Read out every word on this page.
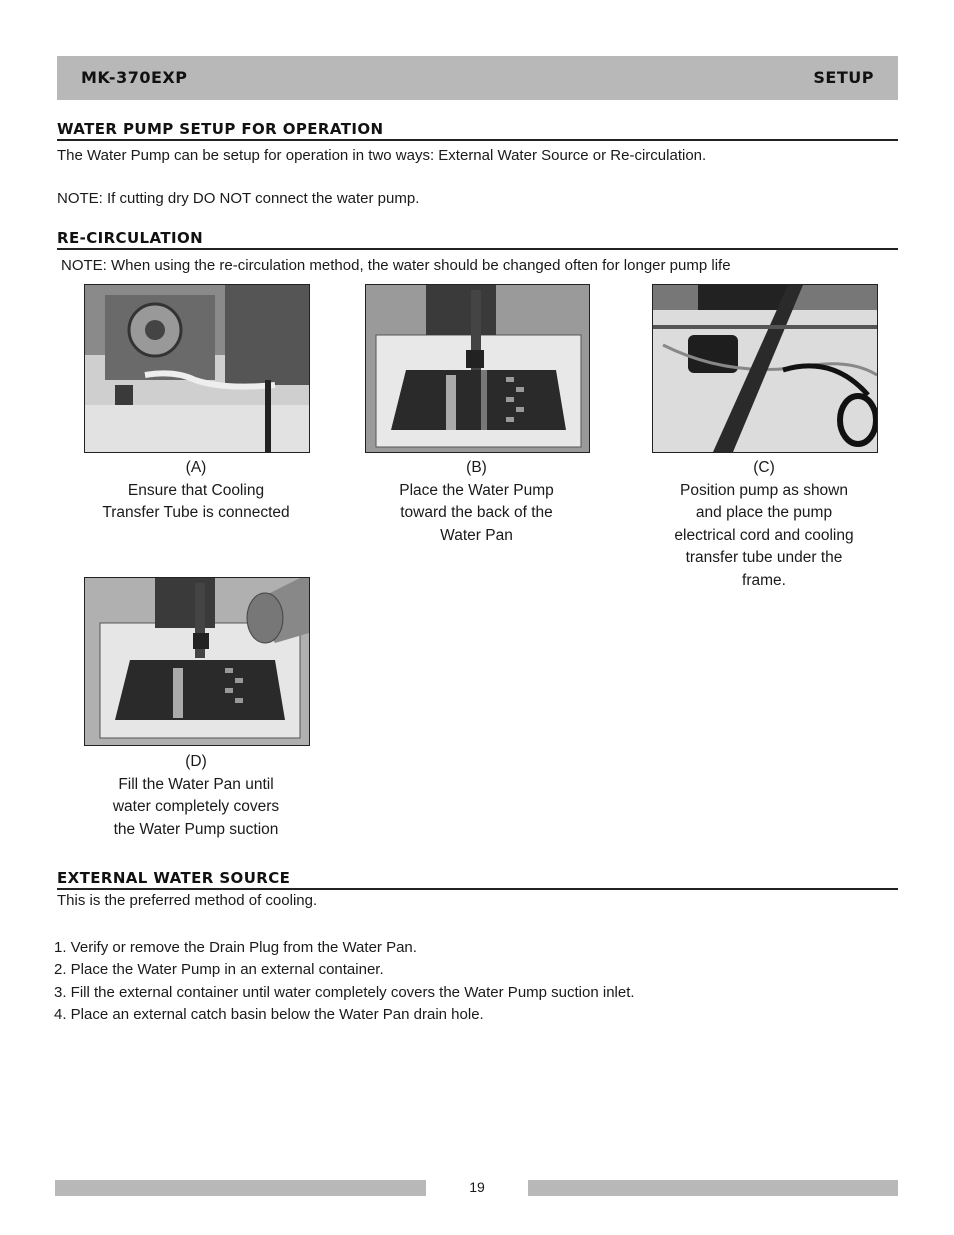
MK-370EXP	SETUP
WATER PUMP SETUP FOR OPERATION
The Water Pump can be setup for operation in two ways: External Water Source or Re-circulation.
NOTE: If cutting dry DO NOT connect the water pump.
RE-CIRCULATION
NOTE: When using the re-circulation method, the water should be changed often for longer pump life
(A)
Ensure that Cooling
Transfer Tube is connected
(B)
Place the Water Pump
toward the back of the
Water Pan
(C)
Position pump as shown
and place the pump
electrical cord and cooling
transfer tube under the
frame.
(D)
Fill the Water Pan until
water completely covers
the Water Pump suction
EXTERNAL WATER SOURCE
This is the preferred method of cooling.
1. Verify or remove the Drain Plug from the Water Pan.
2. Place the Water Pump in an external container.
3. Fill the external container until water completely covers the Water Pump suction inlet.
4. Place an external catch basin below the Water Pan drain hole.
19
